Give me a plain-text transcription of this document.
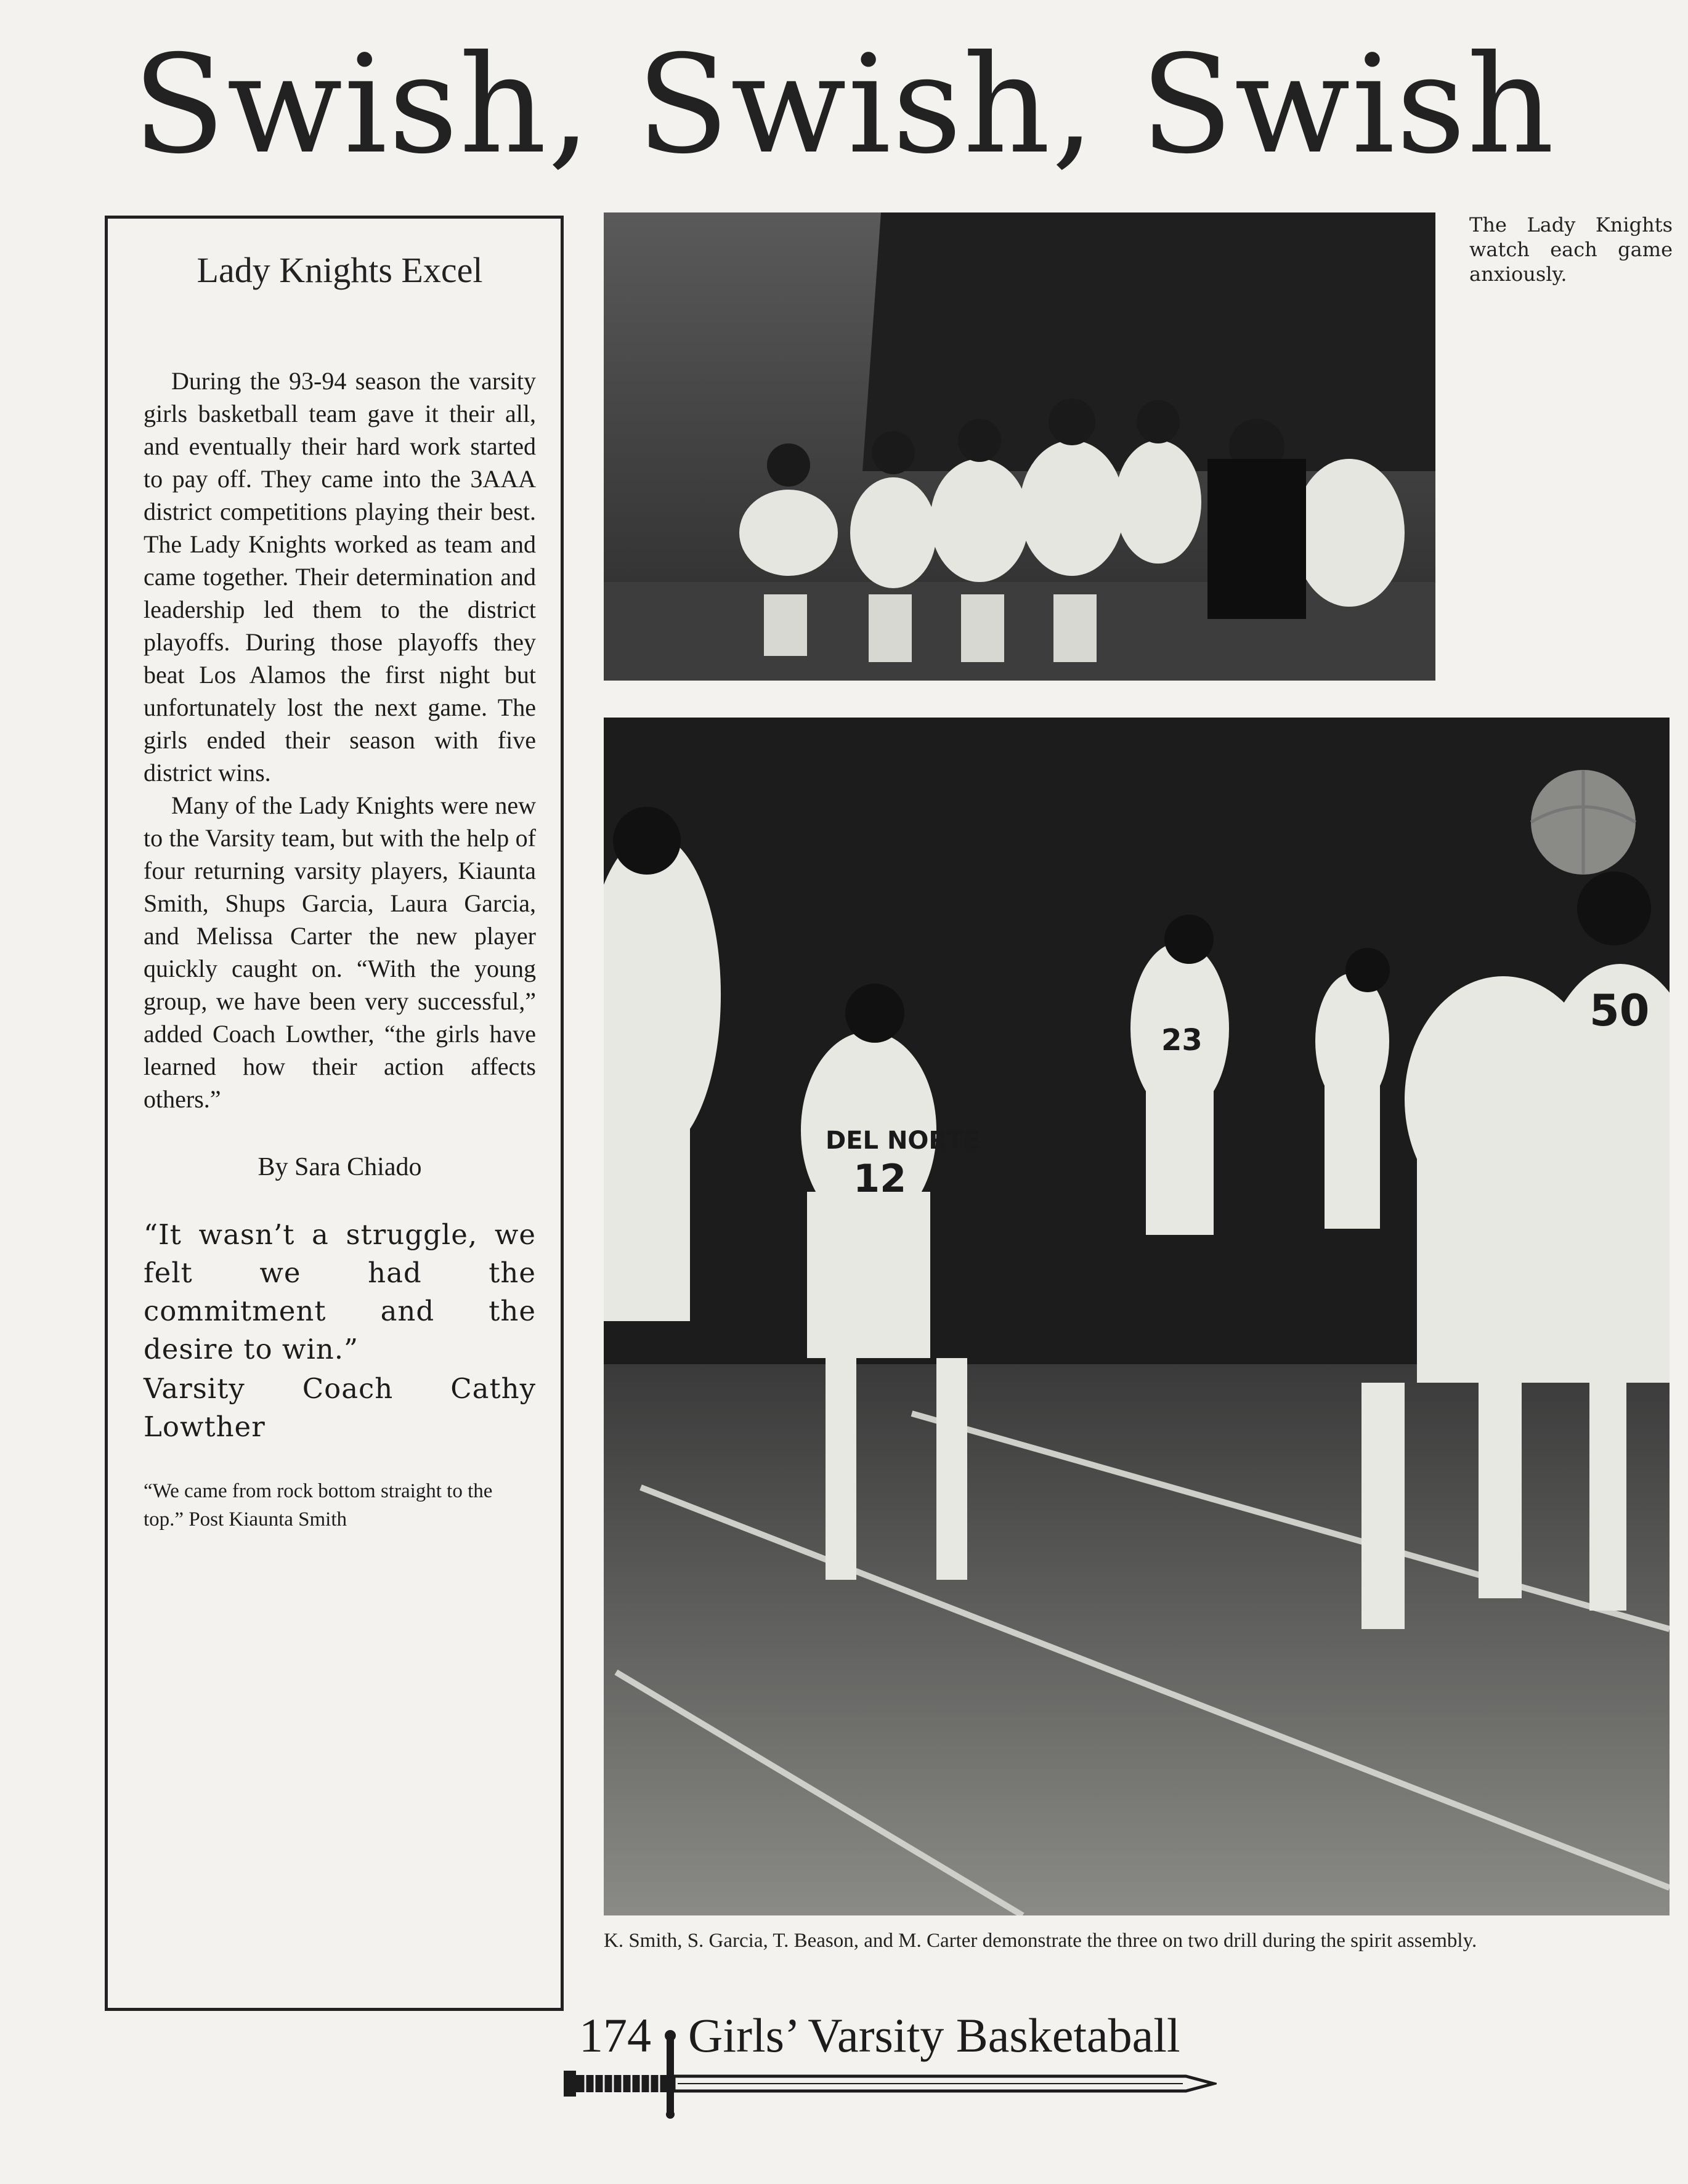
Swish, Swish, Swish
Lady Knights Excel

During the 93-94 season the varsity girls basketball team gave it their all, and eventually their hard work started to pay off. They came into the 3AAA district competitions playing their best. The Lady Knights worked as team and came together. Their determination and leadership led them to the district playoffs. During those playoffs they beat Los Alamos the first night but unfortunately lost the next game. The girls ended their season with five district wins.

Many of the Lady Knights were new to the Varsity team, but with the help of four returning varsity players, Kiaunta Smith, Shups Garcia, Laura Garcia, and Melissa Carter the new player quickly caught on. “With the young group, we have been very successful,” added Coach Lowther, “the girls have learned how their action affects others.”

By Sara Chiado
“It wasn’t a struggle, we felt we had the commitment and the desire to win.”
Varsity Coach Cathy Lowther
“We came from rock bottom straight to the top.” Post Kiaunta Smith
The Lady Knights watch each game anxiously.
DEL NORTE
12
23
50
K. Smith, S. Garcia, T. Beason, and M. Carter demonstrate the three on two drill during the spirit assembly.
174 Girls’ Varsity Basketaball
